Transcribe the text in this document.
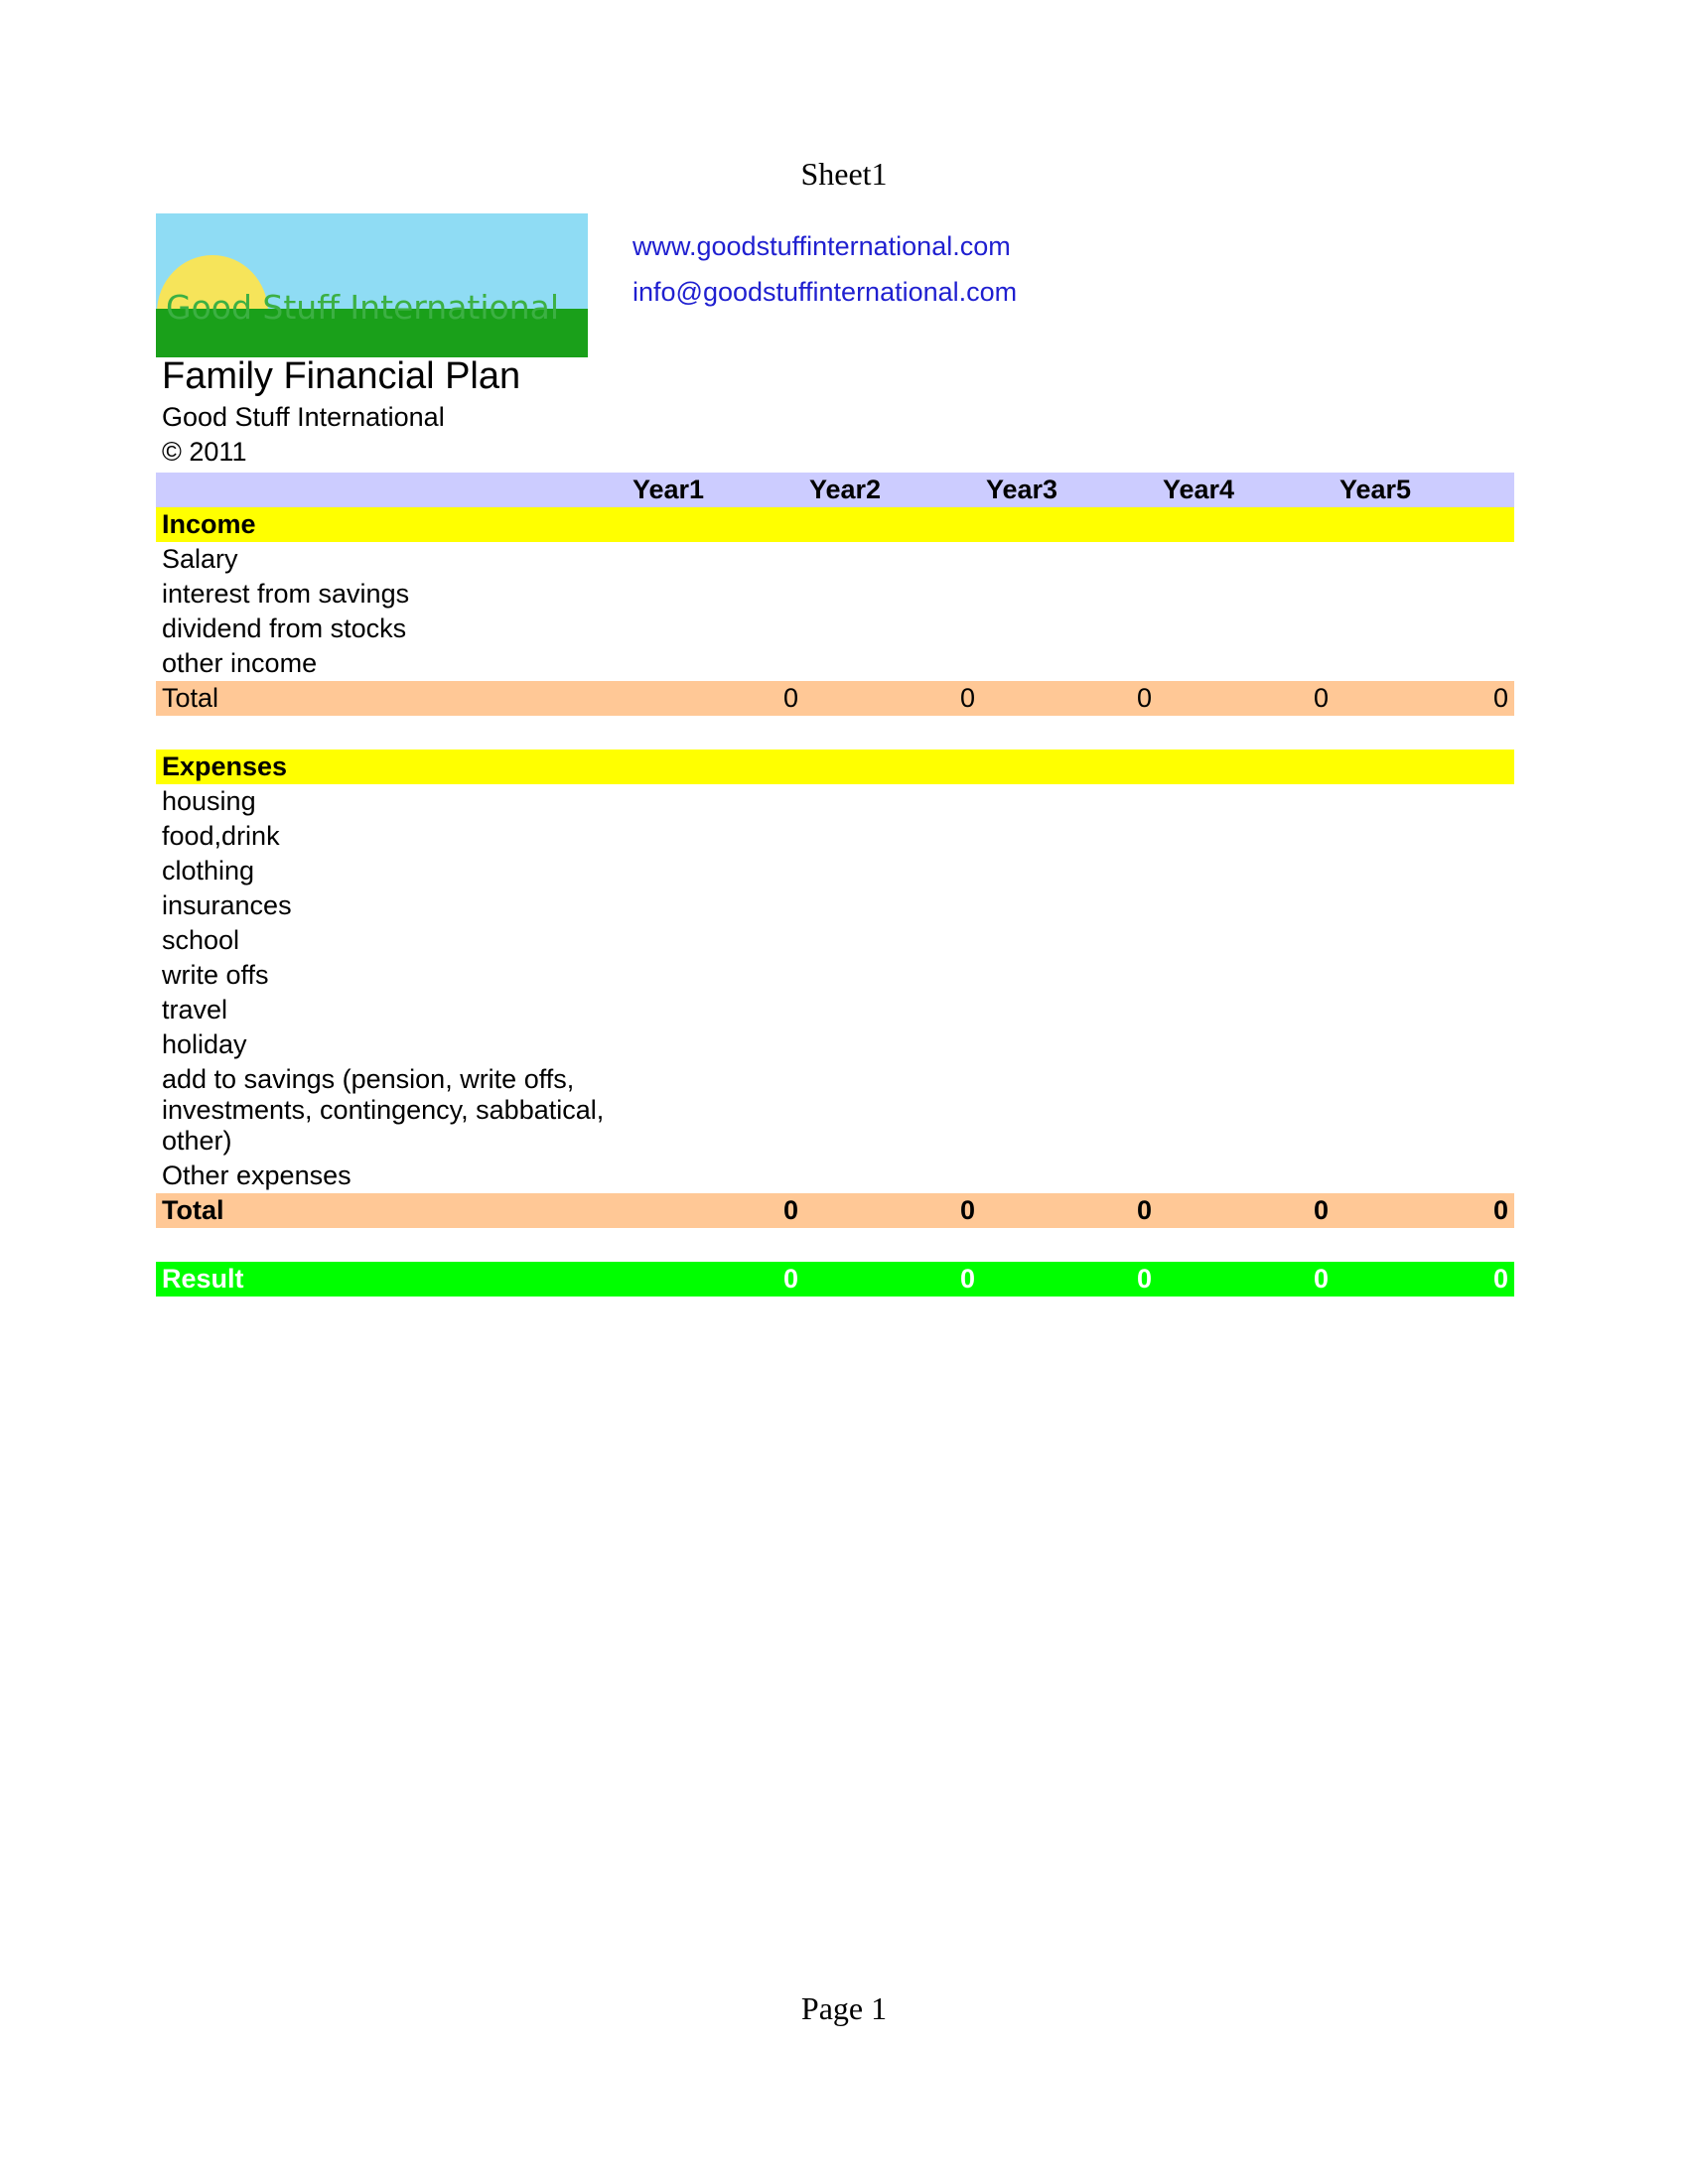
Sheet1
Good Stuff International
www.goodstuffinternational.com
info@goodstuffinternational.com
Family Financial Plan
Good Stuff International
© 2011
Year1	Year2	Year3	Year4	Year5
Income
Salary
interest from savings
dividend from stocks
other income
Total	0	0	0	0	0
Expenses
housing
food,drink
clothing
insurances
school
write offs
travel
holiday
add to savings (pension, write offs, investments, contingency, sabbatical, other)
Other expenses
Total	0	0	0	0	0
Result	0	0	0	0	0
Page 1
